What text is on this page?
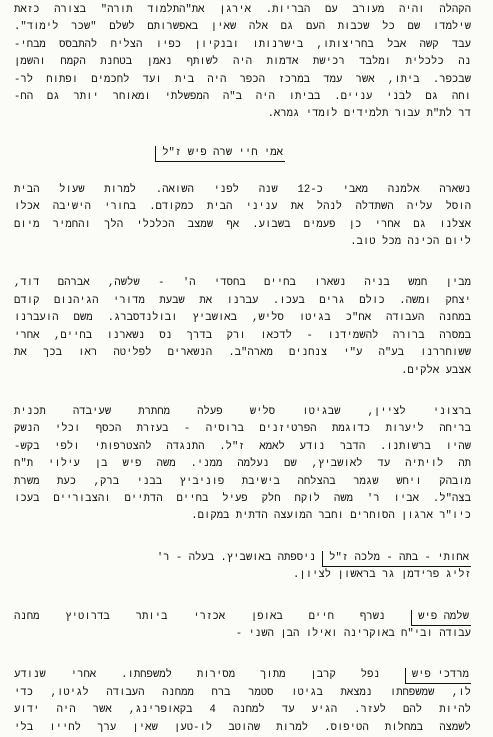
הקהלה והיה מעורב עם הבריות. אירגן את"התלמוד תורה" בצורה כזאת
שילמדו שם כל שכבות העם גם אלה שאין באפשרותם לשלם "שכר לימוד".
עבד קשה אבל בחריצותו, בישרנותו ובנקיון כפיו הצליח להתבסס מבחי-
נה כלכלית ומלבד רכישת אדמות היה לשותף נאמן בטחנת הקמח והשמן
שבכפר. ביתו, אשר עמד במרכז הכפר היה בית ועד לחכמים ופתוח לר-
וחה גם לבני עניים. בביתו היה ב"ה המפשלתי ומאוחר יותר גם הח-
דר לת"ת עבור תלמידים לומדי גמרא.
אמי חיי שרה פיש ז"ל
נשארה אלמנה מאבי כ-12 שנה לפני השואה. למרות שעול הבית
הוסל עליה השתדלה לנהל את עניני הבית כמקודם. בחורי הישיבה אכלו
אצלנו גם אחרי כן פעמים בשבוע. אף שמצב הכלכלי הלך והחמיר מיום
ליום הכינה מכל טוב.
מבין חמש בניה נשארו בחיים בחסדי ה' - שלשה, אברהם דוד,
יצחק ומשה. כולם גרים בעכו. עברנו את שבעת מדורי הגיהנום קודם
במחנה העבודה אח"כ בגיטו סליש, באושביץ ובולנדסברג. משם הועברנו
במסרה ברורה להשמידנו - לדכאו ורק בדרך נס נשארנו בחיים, אחרי
ששוחררנו בע"ה ע"י צנחנים מארה"ב. הנשארים לפליטה ראו בכך את
אצבע אלקים.
ברצוני לציין, שבגיטו סליש פעלה מחתרת שעיבדה תכנית
בריחה ליערות כדוגמת הפרטיזנים ברוסיה - בעזרת הכסף וכלי הנשק
שהיו ברשותנו. הדבר נודע לאמא ז"ל. התנגדה להצטרפותי ולפי בקש-
תה לויתיה עד לאושביץ, שם נעלמה ממני. משה פיש בן עילוי ת"ח
מובהק ויחש שגמר בהצלחה בישיבת פוניביץ בבני ברק, כעת משרת
בצה"ל. אביו ר' משה לוקח חלק פעיל בחיים הדתיים והצבוריים בעכו
כיו"ר ארגון הסוחרים וחבר המועצה הדתית במקום.
אחותי - בתה - מלכה ז"ל ניספתה באושביץ. בעלה - ר'
זליג פרידמן גר בראשון לציון.
שלמה פיש נשרף חיים באופן אכזרי ביותר בדרוטיץ מחנה
עבודה ובי"ח באוקרינה ואילו הבן השני -
מרדכי פיש נפל קרבן מתוך מסירות למשפחתו. אחרי שנודע
לו, שמשפחתו נמצאת בגיטו סטמר ברח ממחנה העבודה לגיטו, כדי
להיות להם לעזר. הגיע עד למחנה 4 בקאופרינג, אשר היה ידוע
לשמצה במחלות הטיפוס. למרות שהוטב לו-טען שאין ערך לחייו בלי
